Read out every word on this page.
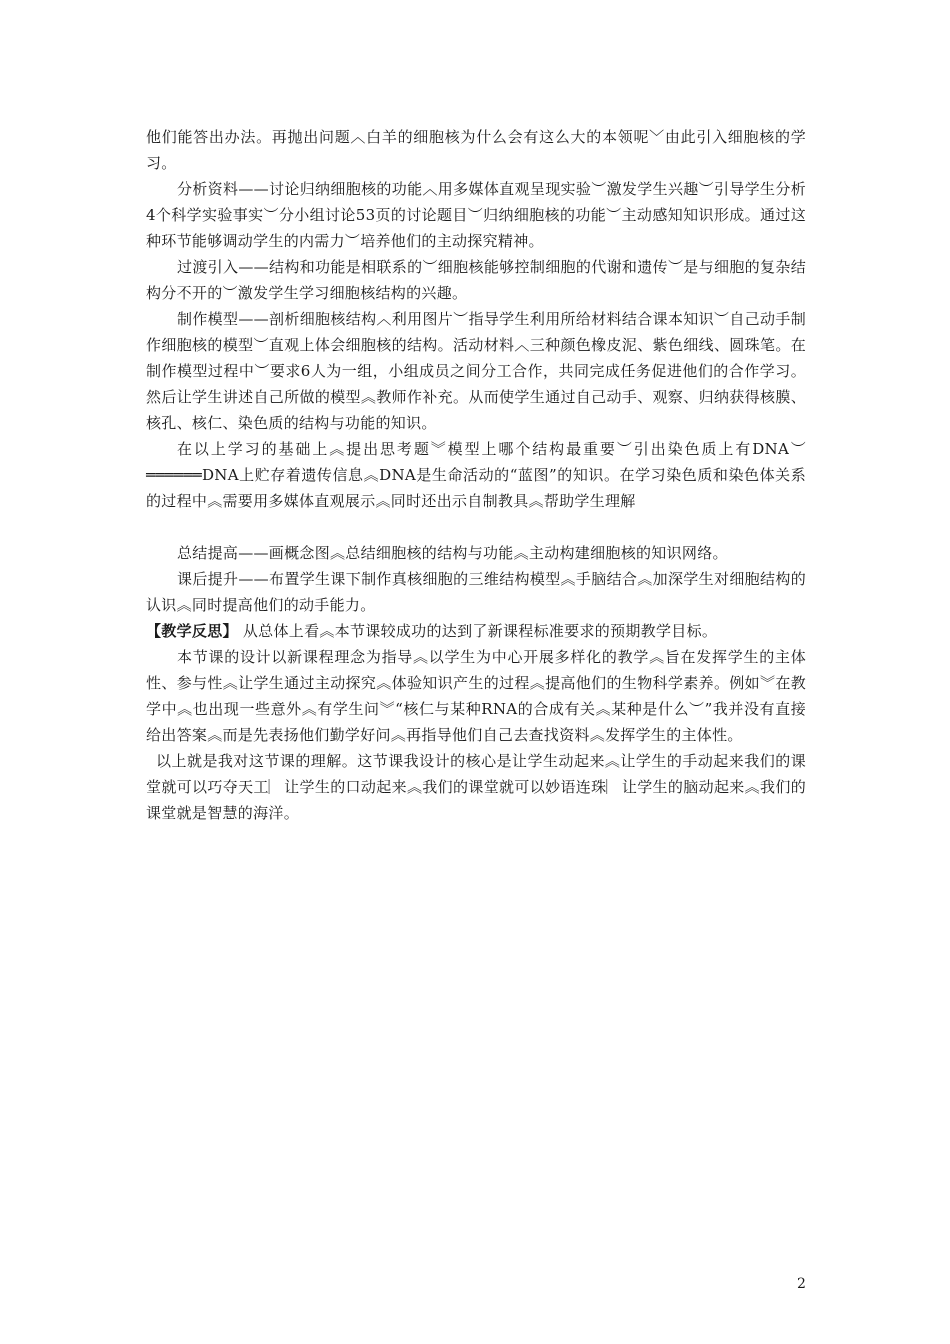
他们能答出办法。再抛出问题︿白羊的细胞核为什么会有这么大的本领呢﹀由此引入细胞核的学习。

分析资料——讨论归纳细胞核的功能︿用多媒体直观呈现实验︶激发学生兴趣︶引导学生分析4个科学实验事实︶分小组讨论53页的讨论题目︶归纳细胞核的功能︶主动感知知识形成。通过这种环节能够调动学生的内需力︶培养他们的主动探究精神。

过渡引入——结构和功能是相联系的︶细胞核能够控制细胞的代谢和遗传︶是与细胞的复杂结构分不开的︶激发学生学习细胞核结构的兴趣。

制作模型——剖析细胞核结构︿利用图片︶指导学生利用所给材料结合课本知识︶自己动手制作细胞核的模型︶直观上体会细胞核的结构。活动材料︿三种颜色橡皮泥、紫色细线、圆珠笔。在制作模型过程中︶要求6人为一组，小组成员之间分工合作，共同完成任务促进他们的合作学习。然后让学生讲述自己所做的模型︽教师作补充。从而使学生通过自己动手、观察、归纳获得核膜、核孔、核仁、染色质的结构与功能的知识。

在以上学习的基础上︽提出思考题︾模型上哪个结构最重要︶引出染色质上有DNA︶══════DNA上贮存着遗传信息︽DNA是生命活动的“蓝图”的知识。在学习染色质和染色体关系的过程中︽需要用多媒体直观展示︽同时还出示自制教具︽帮助学生理解

总结提高——画概念图︽总结细胞核的结构与功能︽主动构建细胞核的知识网络。

课后提升——布置学生课下制作真核细胞的三维结构模型︽手脑结合︽加深学生对细胞结构的认识︽同时提高他们的动手能力。

【教学反思】 从总体上看︽本节课较成功的达到了新课程标准要求的预期教学目标。

本节课的设计以新课程理念为指导︽以学生为中心开展多样化的教学︽旨在发挥学生的主体性、参与性︽让学生通过主动探究︽体验知识产生的过程︽提高他们的生物科学素养。例如︾在教学中︽也出现一些意外︽有学生问︾“核仁与某种RNA的合成有关︽某种是什么︶”我并没有直接给出答案︽而是先表扬他们勤学好问︽再指导他们自己去查找资料︽发挥学生的主体性。

以上就是我对这节课的理解。这节课我设计的核心是让学生动起来︽让学生的手动起来我们的课堂就可以巧夺天工︳让学生的口动起来︽我们的课堂就可以妙语连珠︳让学生的脑动起来︽我们的课堂就是智慧的海洋。

2
